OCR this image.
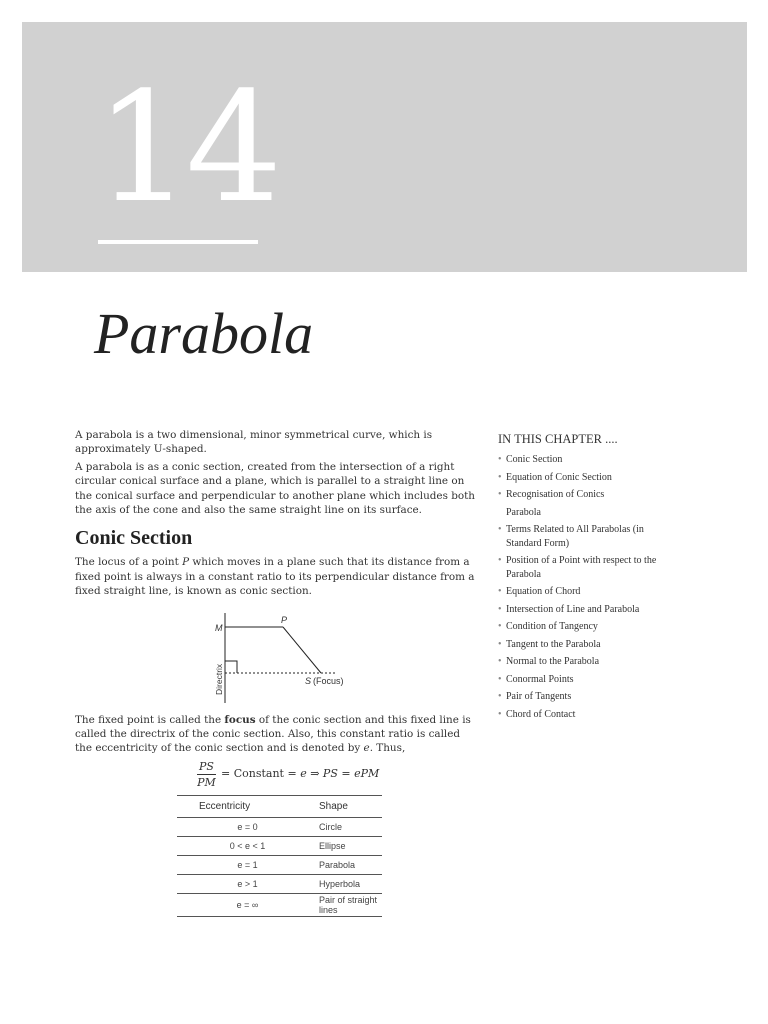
14
Parabola

A parabola is a two dimensional, minor symmetrical curve, which is approximately U-shaped.

A parabola is as a conic section, created from the intersection of a right circular conical surface and a plane, which is parallel to a straight line on the conical surface and perpendicular to another plane which includes both the axis of the cone and also the same straight line on its surface.

Conic Section

The locus of a point P which moves in a plane such that its distance from a fixed point is always in a constant ratio to its perpendicular distance from a fixed straight line, is known as conic section.

M
P
Directrix	S (Focus)

The fixed point is called the focus of the conic section and this fixed line is called the directrix of the conic section. Also, this constant ratio is called the eccentricity of the conic section and is denoted by e. Thus,

$\frac{PS}{PM}$ = Constant = e ⇒ PS = ePM
Eccentricity	Shape
e = 0	Circle
0 < e < 1	Ellipse
e = 1	Parabola
e > 1	Hyperbola
e = ∞	Pair of straight lines
IN THIS CHAPTER ....
• Conic Section
• Equation of Conic Section
• Recognisation of Conics
Parabola
• Terms Related to All Parabolas (in Standard Form)
• Position of a Point with respect to the Parabola
• Equation of Chord
• Intersection of Line and Parabola
• Condition of Tangency
• Tangent to the Parabola
• Normal to the Parabola
• Conormal Points
• Pair of Tangents
• Chord of Contact
